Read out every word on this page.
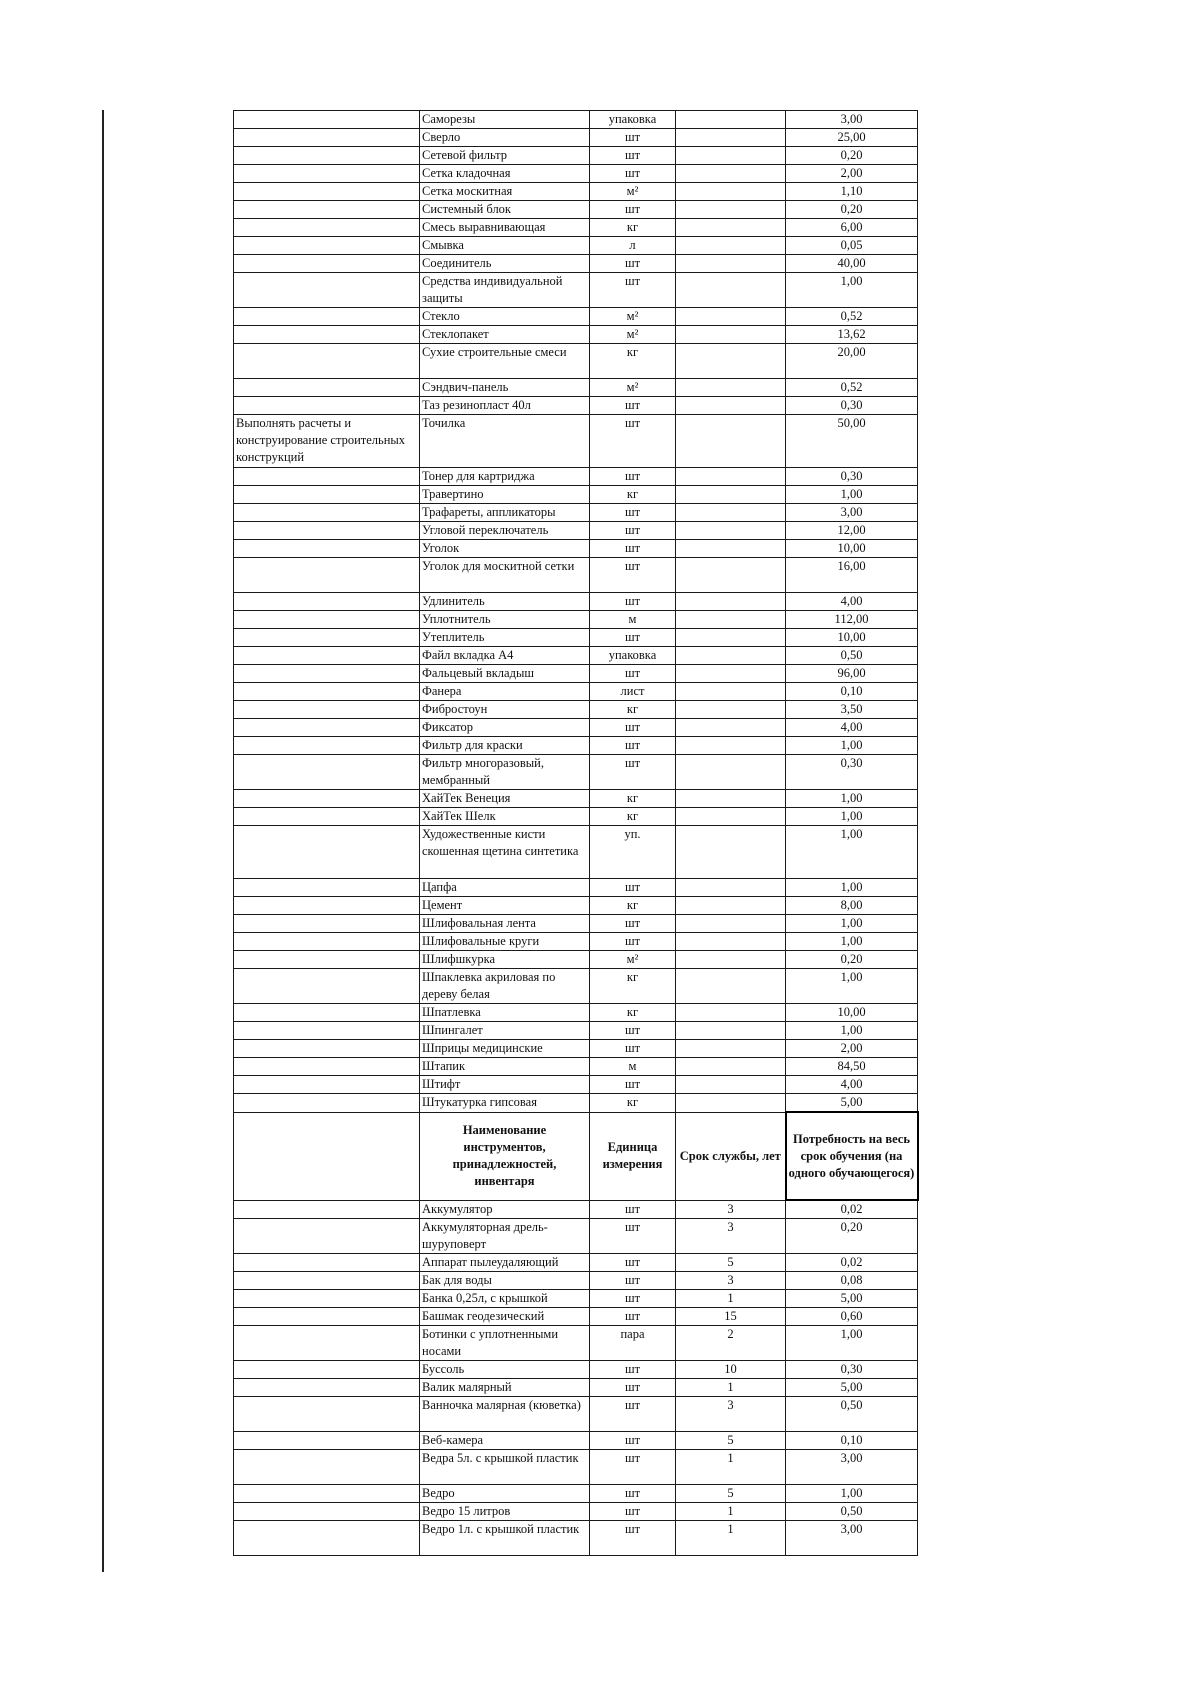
	Саморезы	упаковка		3,00
	Сверло	шт		25,00
	Сетевой фильтр	шт		0,20
	Сетка кладочная	шт		2,00
	Сетка москитная	м²		1,10
	Системный блок	шт		0,20
	Смесь выравнивающая	кг		6,00
	Смывка	л		0,05
	Соединитель	шт		40,00
	Средства индивидуальной защиты	шт		1,00
	Стекло	м²		0,52
	Стеклопакет	м²		13,62
	Сухие строительные смеси	кг		20,00
	Сэндвич-панель	м²		0,52
	Таз резинопласт 40л	шт		0,30
Выполнять расчеты и конструирование строительных конструкций	Точилка	шт		50,00
	Тонер для картриджа	шт		0,30
	Травертино	кг		1,00
	Трафареты, аппликаторы	шт		3,00
	Угловой переключатель	шт		12,00
	Уголок	шт		10,00
	Уголок для москитной сетки	шт		16,00
	Удлинитель	шт		4,00
	Уплотнитель	м		112,00
	Утеплитель	шт		10,00
	Файл вкладка А4	упаковка		0,50
	Фальцевый вкладыш	шт		96,00
	Фанера	лист		0,10
	Фибростоун	кг		3,50
	Фиксатор	шт		4,00
	Фильтр для краски	шт		1,00
	Фильтр многоразовый, мембранный	шт		0,30
	ХайТек Венеция	кг		1,00
	ХайТек Шелк	кг		1,00
	Художественные кисти скошенная щетина синтетика	уп.		1,00
	Цапфа	шт		1,00
	Цемент	кг		8,00
	Шлифовальная лента	шт		1,00
	Шлифовальные круги	шт		1,00
	Шлифшкурка	м²		0,20
	Шпаклевка акриловая по дереву белая	кг		1,00
	Шпатлевка	кг		10,00
	Шпингалет	шт		1,00
	Шприцы медицинские	шт		2,00
	Штапик	м		84,50
	Штифт	шт		4,00
	Штукатурка гипсовая	кг		5,00
	Наименование инструментов, принадлежностей, инвентаря	Единица измерения	Срок службы, лет	Потребность на весь срок обучения (на одного обучающегося)
	Аккумулятор	шт	3	0,02
	Аккумуляторная дрель-шуруповерт	шт	3	0,20
	Аппарат пылеудаляющий	шт	5	0,02
	Бак для воды	шт	3	0,08
	Банка 0,25л, с крышкой	шт	1	5,00
	Башмак геодезический	шт	15	0,60
	Ботинки с уплотненными носами	пара	2	1,00
	Буссоль	шт	10	0,30
	Валик малярный	шт	1	5,00
	Ванночка малярная (кюветка)	шт	3	0,50
	Веб-камера	шт	5	0,10
	Ведра 5л. с крышкой пластик	шт	1	3,00
	Ведро	шт	5	1,00
	Ведро 15 литров	шт	1	0,50
	Ведро 1л. с крышкой пластик	шт	1	3,00
